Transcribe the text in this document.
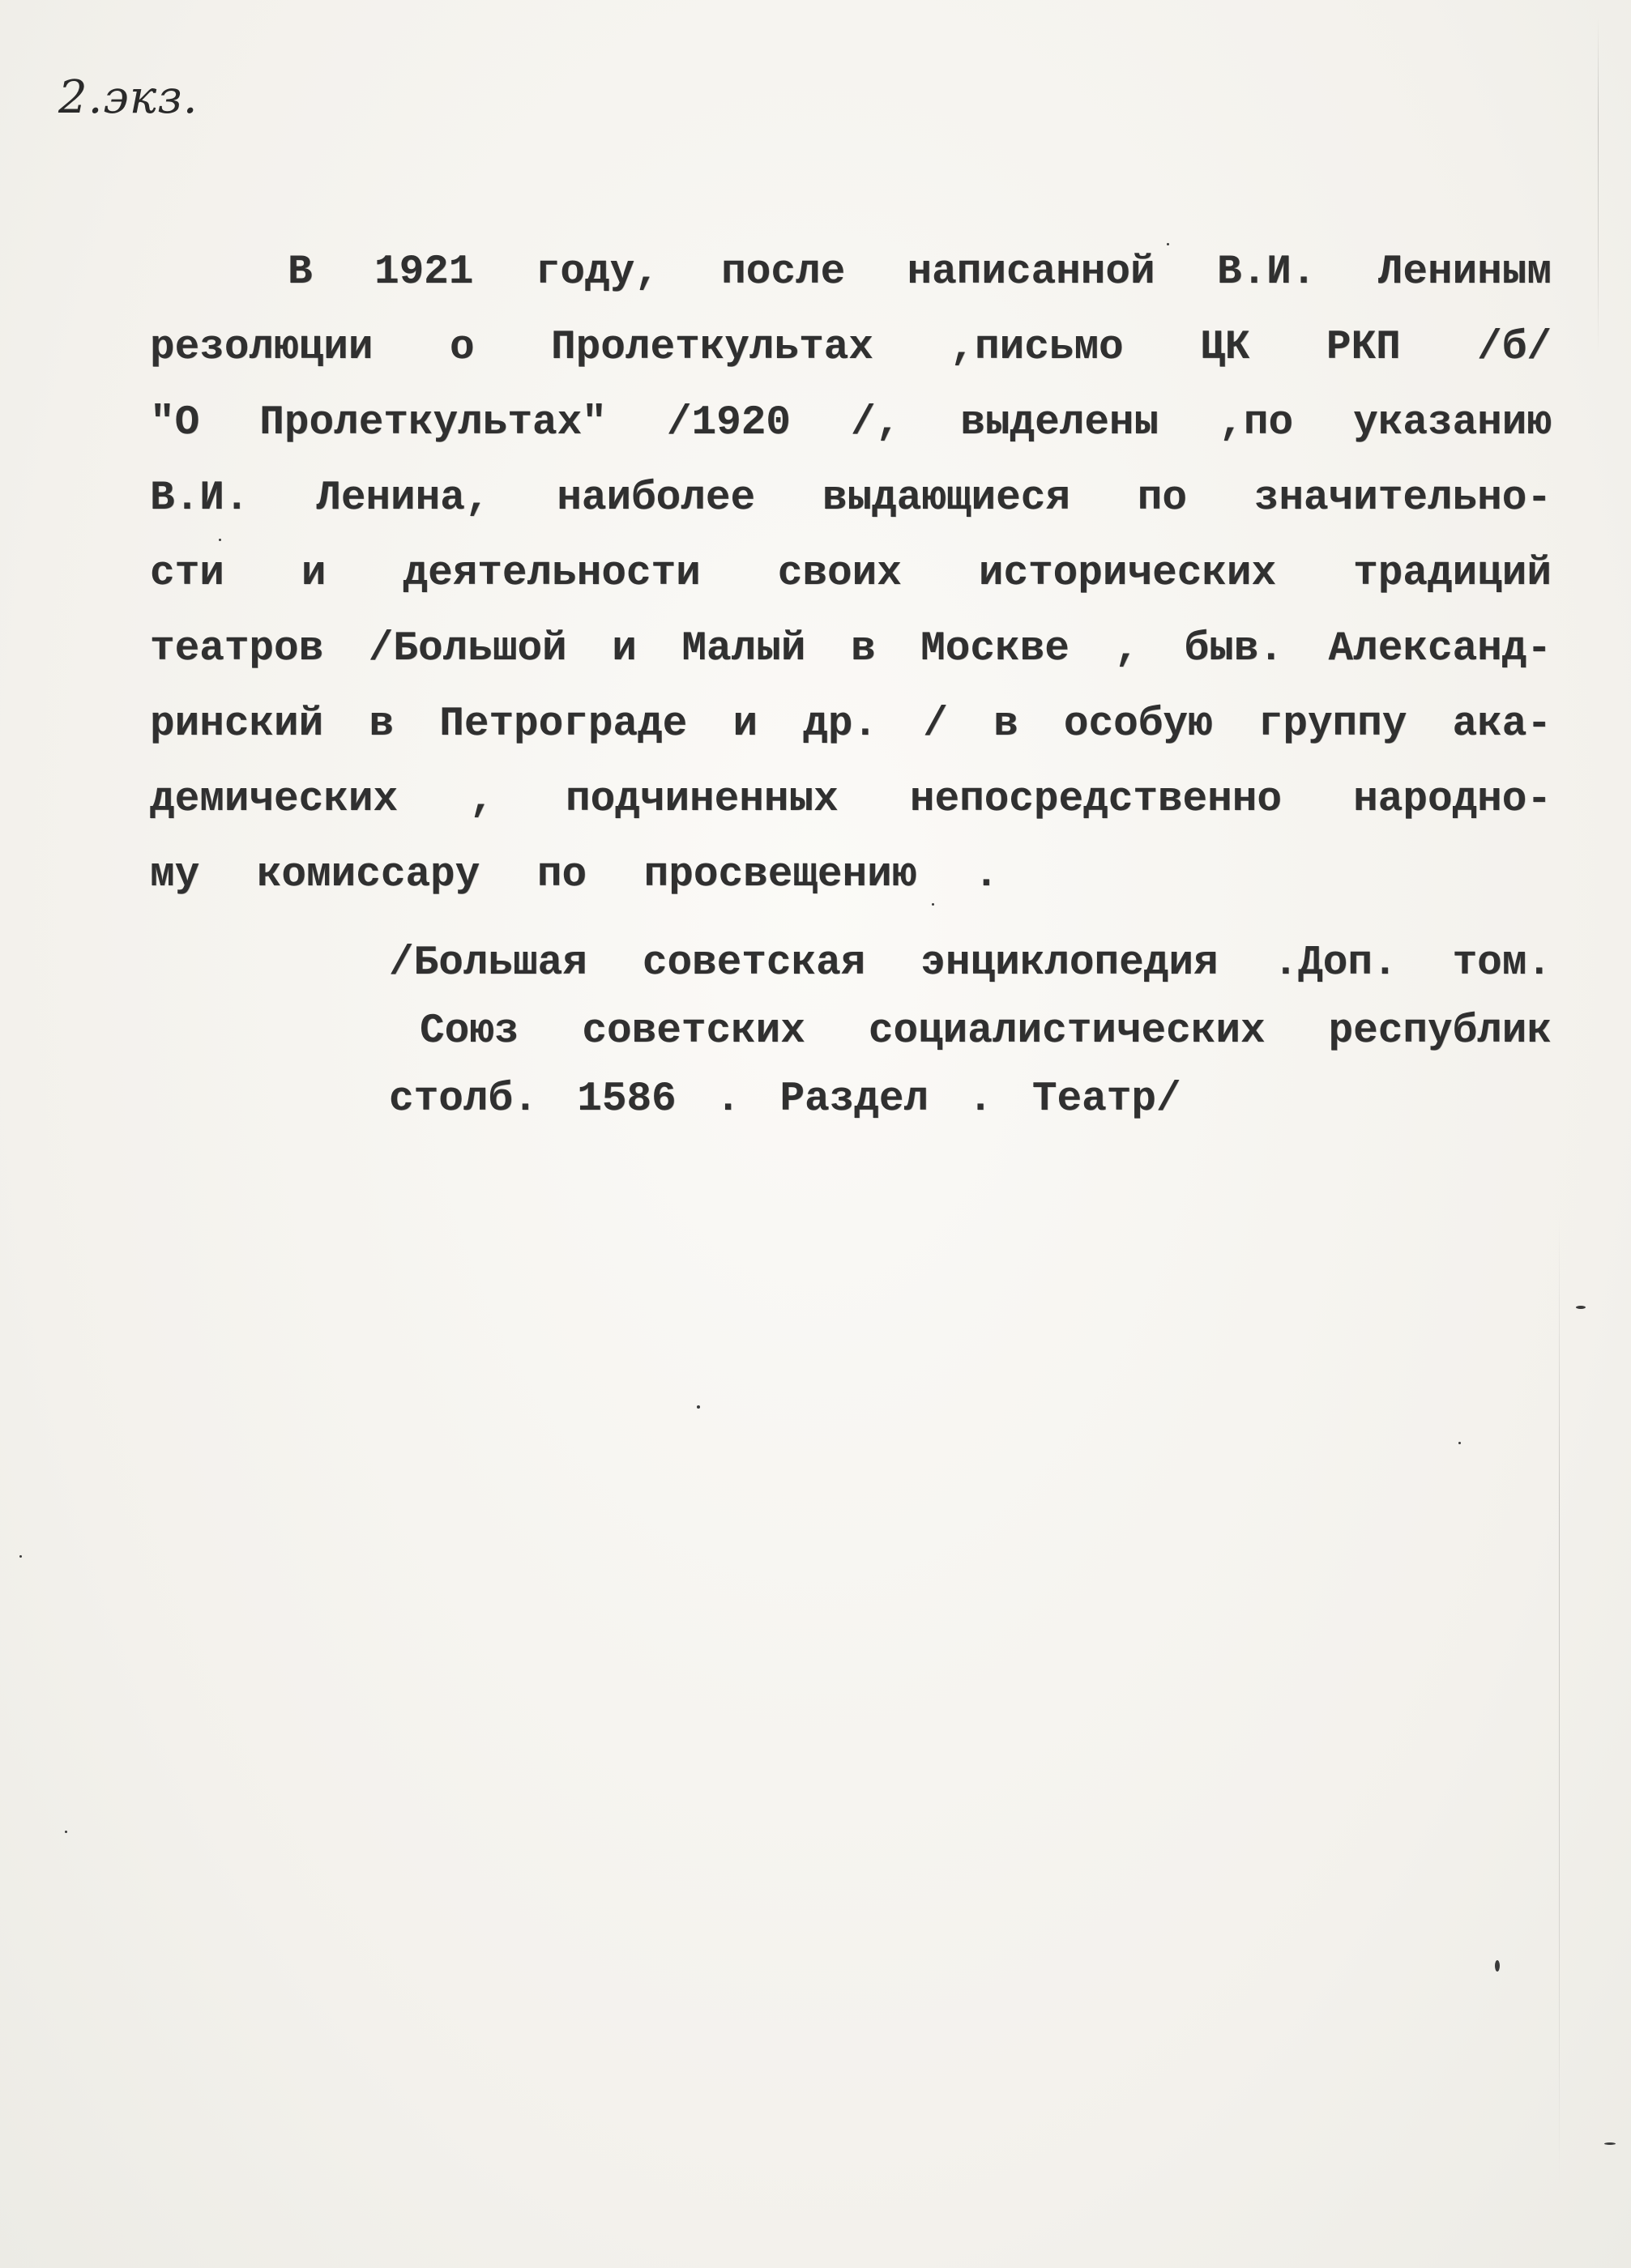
2.экз.
В 1921 году, после написанной В.И. Лениным
резолюции о Пролеткультах ,письмо ЦК РКП /б/
"О Пролеткультах" /1920 /, выделены ,по указанию
В.И. Ленина, наиболее выдающиеся по значительно-
сти и деятельности своих исторических традиций
театров /Большой и Малый в Москве , быв. Александ-
ринский в Петрограде и др. / в особую группу ака-
демических , подчиненных непосредственно народно-
му комиссару по просвещению .
/Большая советская энциклопедия .Доп. том.
Союз советских социалистических республик
столб. 1586 . Раздел . Театр/
